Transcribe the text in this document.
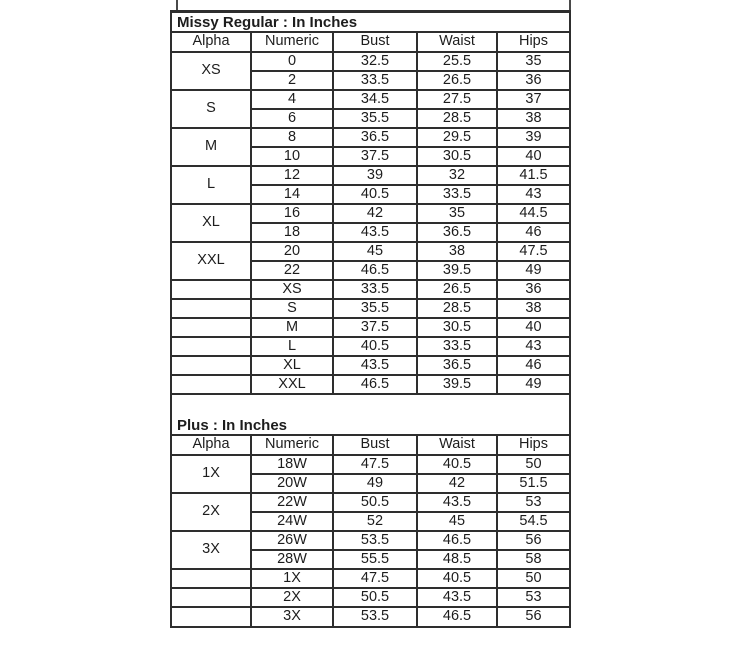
Missy Regular : In Inches
Alpha	Numeric	Bust	Waist	Hips
XS	0	32.5	25.5	35
	2	33.5	26.5	36
S	4	34.5	27.5	37
	6	35.5	28.5	38
M	8	36.5	29.5	39
	10	37.5	30.5	40
L	12	39	32	41.5
	14	40.5	33.5	43
XL	16	42	35	44.5
	18	43.5	36.5	46
XXL	20	45	38	47.5
	22	46.5	39.5	49
	XS	33.5	26.5	36
	S	35.5	28.5	38
	M	37.5	30.5	40
	L	40.5	33.5	43
	XL	43.5	36.5	46
	XXL	46.5	39.5	49
Plus : In Inches
Alpha	Numeric	Bust	Waist	Hips
1X	18W	47.5	40.5	50
	20W	49	42	51.5
2X	22W	50.5	43.5	53
	24W	52	45	54.5
3X	26W	53.5	46.5	56
	28W	55.5	48.5	58
	1X	47.5	40.5	50
	2X	50.5	43.5	53
	3X	53.5	46.5	56
